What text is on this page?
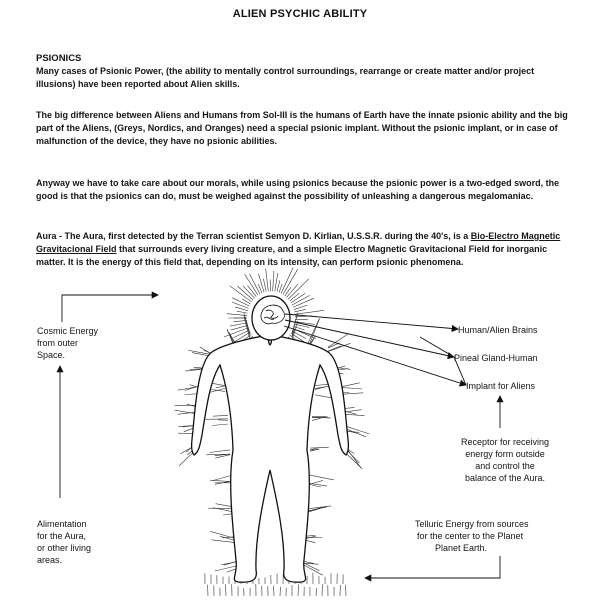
ALIEN PSYCHIC ABILITY
PSIONICS
Many cases of Psionic Power, (the ability to mentally control surroundings, rearrange or create matter and/or project illusions) have been reported about Alien skills.
The big difference between Aliens and Humans from Sol-III is the humans of Earth have the innate psionic ability and the big part of the Aliens, (Greys, Nordics, and Oranges) need a special psionic implant. Without the psionic implant, or in case of malfunction of the device, they have no psionic abilities.
Anyway we have to take care about our morals, while using psionics because the psionic power is a two-edged sword, the good is that the psionics can do, must be weighed against the possibility of unleashing a dangerous megalomaniac.
Aura - The Aura, first detected by the Terran scientist Semyon D. Kirlian, U.S.S.R. during the 40's, is a Bio-Electro Magnetic Gravitacional Field that surrounds every living creature, and a simple Electro Magnetic Gravitacional Field for inorganic matter. It is the energy of this field that, depending on its intensity, can perform psionic phenomena.
Cosmic Energy
from outer
Space.
Human/Alien Brains
Pineal Gland-Human
Implant for Aliens
Receptor for receiving
energy form outside
and control the
balance of the Aura.
Alimentation
for the Aura,
or other living
areas.
Telluric Energy from sources
for the center to the Planet
Planet Earth.
